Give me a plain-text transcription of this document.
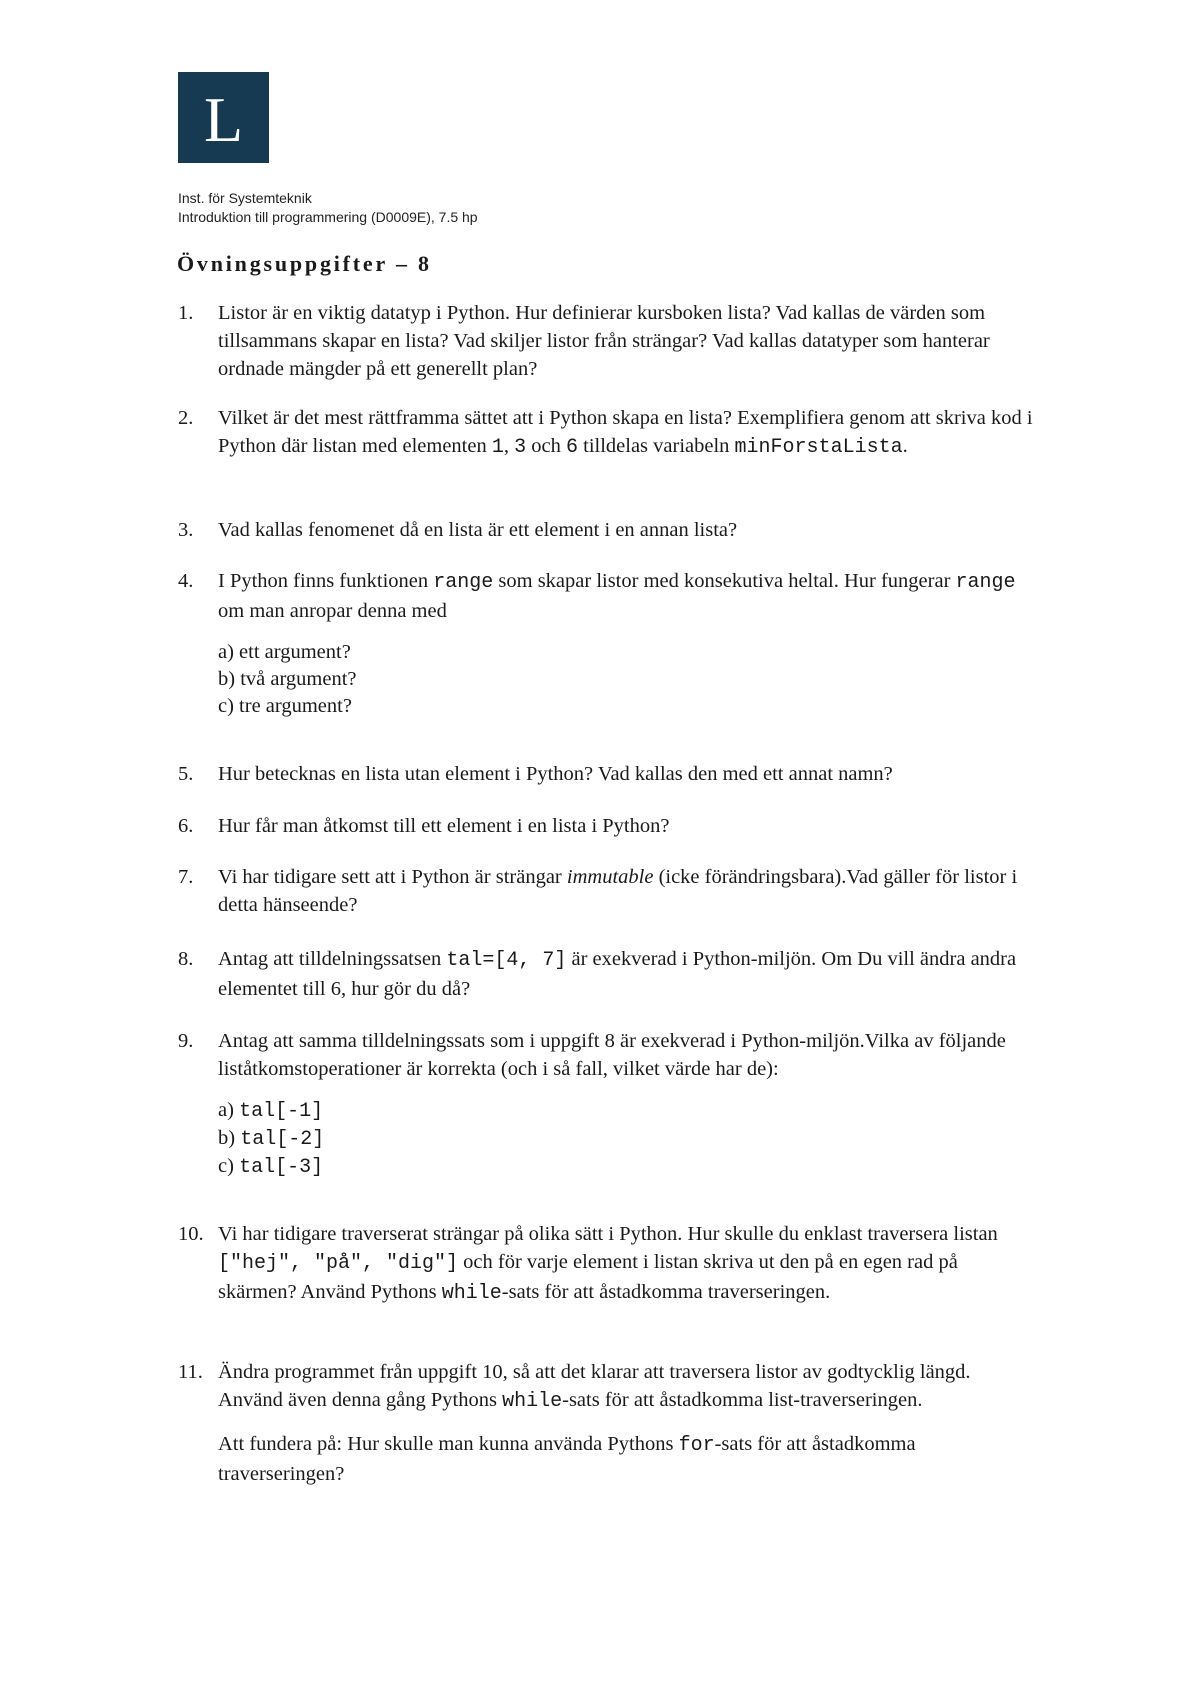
L
Inst. för Systemteknik
Introduktion till programmering (D0009E), 7.5 hp
Övningsuppgifter – 8
1.	Listor är en viktig datatyp i Python. Hur definierar kursboken lista? Vad kallas de värden som tillsammans skapar en lista? Vad skiljer listor från strängar? Vad kallas datatyper som hanterar ordnade mängder på ett generellt plan?
2.	Vilket är det mest rättframma sättet att i Python skapa en lista? Exemplifiera genom att skriva kod i Python där listan med elementen 1, 3 och 6 tilldelas variabeln minForstaLista.
3.	Vad kallas fenomenet då en lista är ett element i en annan lista?
4.	I Python finns funktionen range som skapar listor med konsekutiva heltal. Hur fungerar range om man anropar denna med
a) ett argument?
b) två argument?
c) tre argument?
5.	Hur betecknas en lista utan element i Python? Vad kallas den med ett annat namn?
6.	Hur får man åtkomst till ett element i en lista i Python?
7.	Vi har tidigare sett att i Python är strängar immutable (icke förändringsbara).Vad gäller för listor i detta hänseende?
8.	Antag att tilldelningssatsen tal=[4, 7] är exekverad i Python-miljön. Om Du vill ändra andra elementet till 6, hur gör du då?
9.	Antag att samma tilldelningssats som i uppgift 8 är exekverad i Python-miljön.Vilka av följande liståtkomstoperationer är korrekta (och i så fall, vilket värde har de):
a) tal[-1]
b) tal[-2]
c) tal[-3]
10. Vi har tidigare traverserat strängar på olika sätt i Python. Hur skulle du enklast traversera listan ["hej", "på", "dig"] och för varje element i listan skriva ut den på en egen rad på skärmen? Använd Pythons while-sats för att åstadkomma traverseringen.
11. Ändra programmet från uppgift 10, så att det klarar att traversera listor av godtycklig längd. Använd även denna gång Pythons while-sats för att åstadkomma list-traverseringen.
Att fundera på: Hur skulle man kunna använda Pythons for-sats för att åstadkomma traverseringen?
